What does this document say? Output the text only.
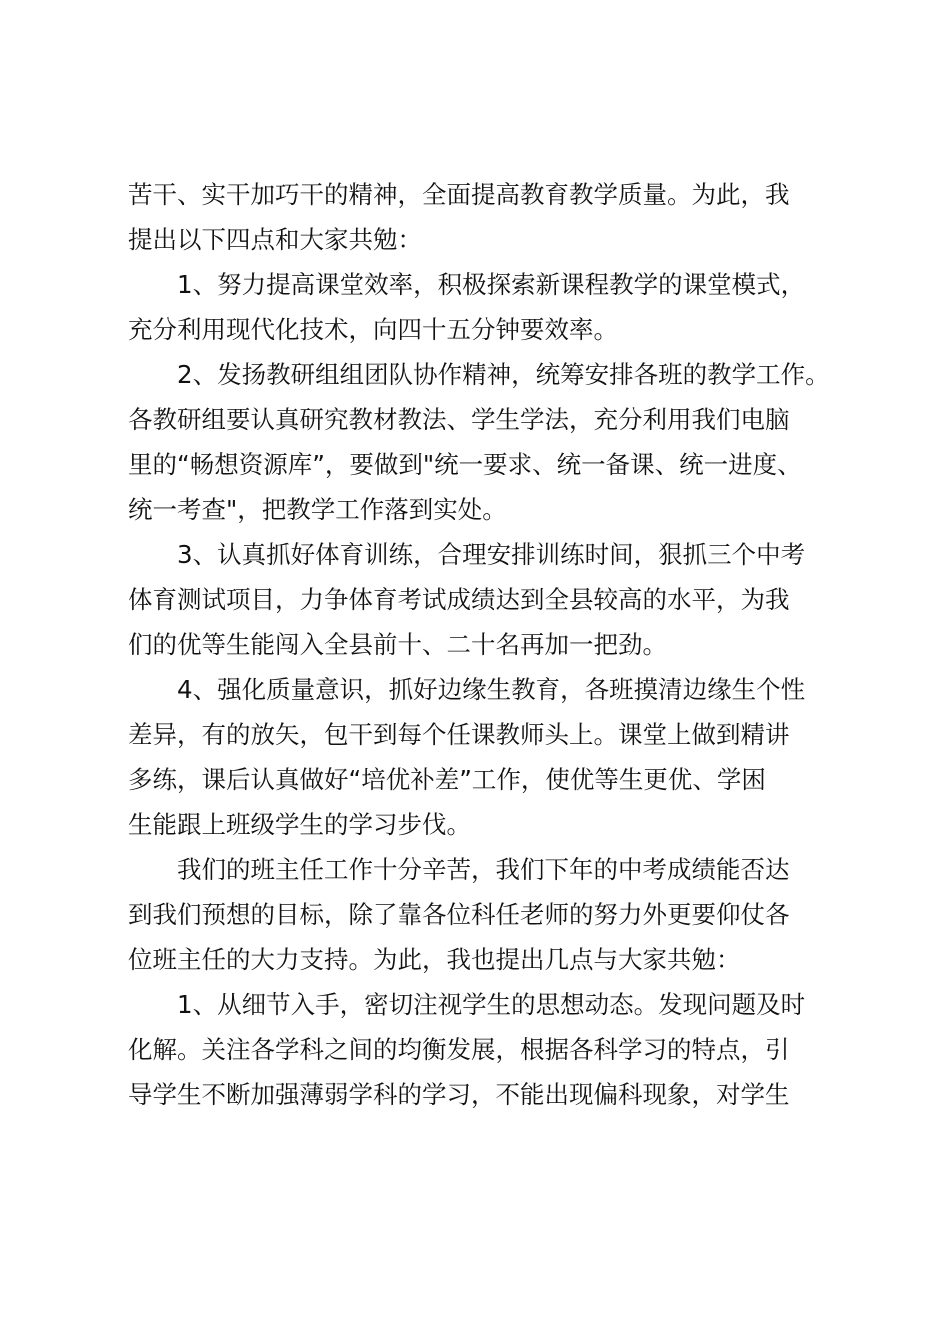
苦干、实干加巧干的精神，全面提高教育教学质量。为此，我
提出以下四点和大家共勉：
1、努力提高课堂效率，积极探索新课程教学的课堂模式，
充分利用现代化技术，向四十五分钟要效率。
2、发扬教研组组团队协作精神，统筹安排各班的教学工作。
各教研组要认真研究教材教法、学生学法，充分利用我们电脑
里的“畅想资源库”，要做到"统一要求、统一备课、统一进度、
统一考查"，把教学工作落到实处。
3、认真抓好体育训练，合理安排训练时间，狠抓三个中考
体育测试项目，力争体育考试成绩达到全县较高的水平，为我
们的优等生能闯入全县前十、二十名再加一把劲。
4、强化质量意识，抓好边缘生教育，各班摸清边缘生个性
差异，有的放矢，包干到每个任课教师头上。课堂上做到精讲
多练，课后认真做好“培优补差”工作，使优等生更优、学困
生能跟上班级学生的学习步伐。
我们的班主任工作十分辛苦，我们下年的中考成绩能否达
到我们预想的目标，除了靠各位科任老师的努力外更要仰仗各
位班主任的大力支持。为此，我也提出几点与大家共勉：
1、从细节入手，密切注视学生的思想动态。发现问题及时
化解。关注各学科之间的均衡发展，根据各科学习的特点，引
导学生不断加强薄弱学科的学习，不能出现偏科现象，对学生
